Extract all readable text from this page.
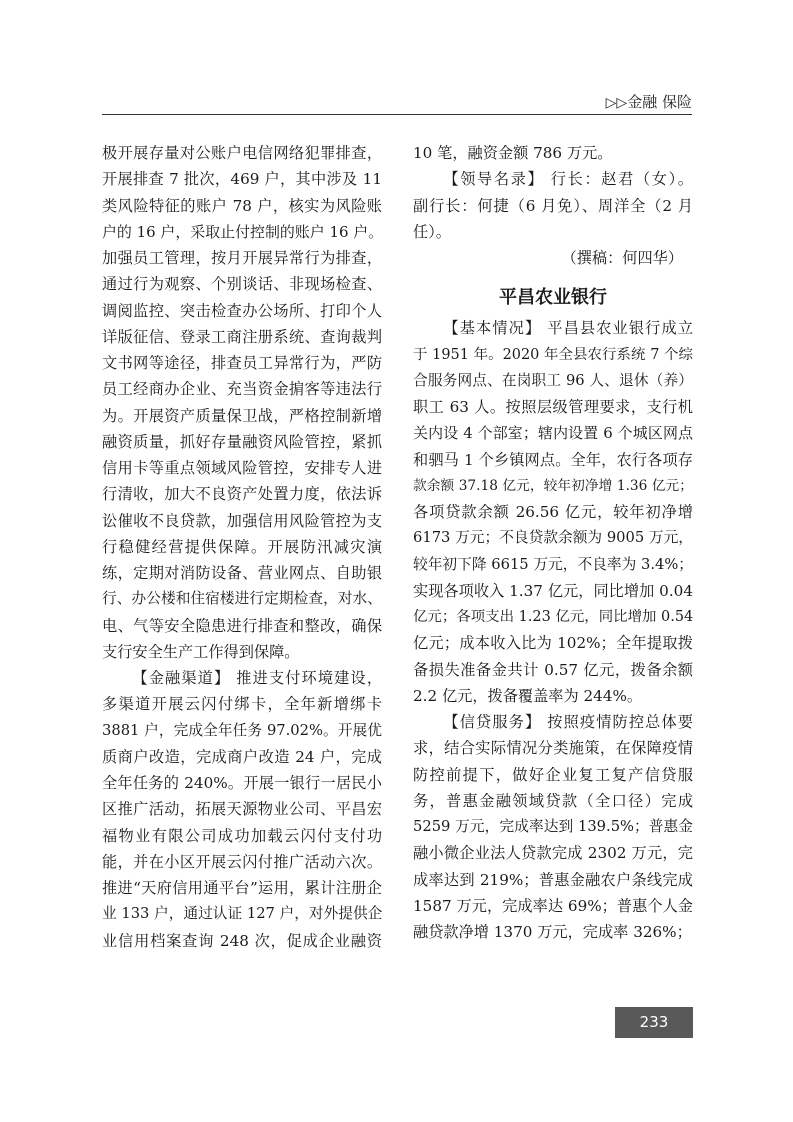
▷▷金融 保险

极开展存量对公账户电信网络犯罪排查，
开展排查 7 批次，469 户，其中涉及 11
类风险特征的账户 78 户，核实为风险账
户的 16 户，采取止付控制的账户 16 户。
加强员工管理，按月开展异常行为排查，
通过行为观察、个别谈话、非现场检查、
调阅监控、突击检查办公场所、打印个人
详版征信、登录工商注册系统、查询裁判
文书网等途径，排查员工异常行为，严防
员工经商办企业、充当资金掮客等违法行
为。开展资产质量保卫战，严格控制新增
融资质量，抓好存量融资风险管控，紧抓
信用卡等重点领域风险管控，安排专人进
行清收，加大不良资产处置力度，依法诉
讼催收不良贷款，加强信用风险管控为支
行稳健经营提供保障。开展防汛减灾演
练，定期对消防设备、营业网点、自助银
行、办公楼和住宿楼进行定期检查，对水、
电、气等安全隐患进行排查和整改，确保
支行安全生产工作得到保障。

【金融渠道】 推进支付环境建设，
多渠道开展云闪付绑卡，全年新增绑卡
3881 户，完成全年任务 97.02%。开展优
质商户改造，完成商户改造 24 户，完成
全年任务的 240%。开展一银行一居民小
区推广活动，拓展天源物业公司、平昌宏
福物业有限公司成功加载云闪付支付功
能，并在小区开展云闪付推广活动六次。
推进“天府信用通平台”运用，累计注册企
业 133 户，通过认证 127 户，对外提供企
业信用档案查询 248 次，促成企业融资

10 笔，融资金额 786 万元。

【领导名录】 行长：赵君（女）。
副行长：何捷（6 月免）、周洋全（2 月
任）。

（撰稿：何四华）

平昌农业银行

【基本情况】 平昌县农业银行成立
于 1951 年。2020 年全县农行系统 7 个综
合服务网点、在岗职工 96 人、退休（养）
职工 63 人。按照层级管理要求，支行机
关内设 4 个部室；辖内设置 6 个城区网点
和驷马 1 个乡镇网点。全年，农行各项存
款余额 37.18 亿元，较年初净增 1.36 亿元；
各项贷款余额 26.56 亿元，较年初净增
6173 万元；不良贷款余额为 9005 万元，
较年初下降 6615 万元，不良率为 3.4%；
实现各项收入 1.37 亿元，同比增加 0.04
亿元；各项支出 1.23 亿元，同比增加 0.54
亿元；成本收入比为 102%；全年提取拨
备损失准备金共计 0.57 亿元，拨备余额
2.2 亿元，拨备覆盖率为 244%。

【信贷服务】 按照疫情防控总体要
求，结合实际情况分类施策，在保障疫情
防控前提下，做好企业复工复产信贷服
务，普惠金融领域贷款（全口径）完成
5259 万元，完成率达到 139.5%；普惠金
融小微企业法人贷款完成 2302 万元，完
成率达到 219%；普惠金融农户条线完成
1587 万元，完成率达 69%；普惠个人金
融贷款净增 1370 万元，完成率 326%；

233
